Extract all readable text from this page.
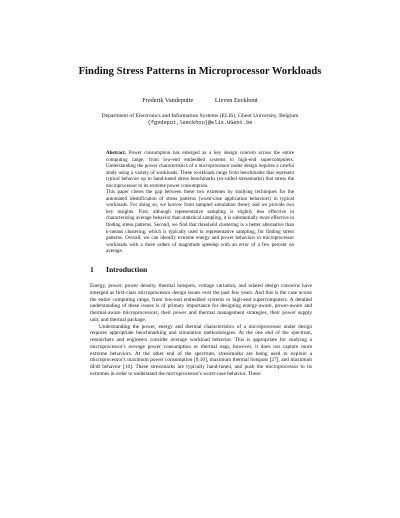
Finding Stress Patterns in Microprocessor Workloads
Frederik Vandeputte	Lieven Eeckhout
Department of Electronics and Information Systems (ELIS), Ghent University, Belgium
{fgvdeput,leeckhou}@elis.UGent.be

Abstract. Power consumption has emerged as a key design concern across the entire computing range, from low-end embedded systems to high-end supercomputers. Understanding the power characteristics of a microprocessor under design requires a careful study using a variety of workloads. These workloads range from benchmarks that represent typical behavior up to hand-tuned stress benchmarks (so-called stressmarks) that stress the microprocessor to its extreme power consumption.

This paper closes the gap between these two extremes by studying techniques for the automated identification of stress patterns (worst-case application behaviors) in typical workloads. For doing so, we borrow from sampled simulation theory and we provide two key insights. First, although representative sampling is slightly less effective in characterizing average behavior than statistical sampling, it is substantially more effective in finding stress patterns. Second, we find that threshold clustering is a better alternative than k-means clustering, which is typically used in representative sampling, for finding stress patterns. Overall, we can identify extreme energy and power behaviors in microprocessor workloads with a three orders of magnitude speedup with an error of a few percent on average.

1 Introduction

Energy, power, power density, thermal hotspots, voltage variation, and related design concerns have emerged as first-class microprocessor design issues over the past few years. And this is the case across the entire computing range, from low-end embedded systems to high-end supercomputers. A detailed understanding of these issues is of primary importance for designing energy-aware, power-aware and thermal-aware microprocessors, their power and thermal management strategies, their power supply unit, and thermal package.

Understanding the power, energy and thermal characteristics of a microprocessor under design requires appropriate benchmarking and simulation methodologies. At the one end of the spectrum, researchers and engineers consider average workload behavior. This is appropriate for studying a microprocessor's average power consumption or thermal map, however, it does not capture more extreme behaviors. At the other end of the spectrum, stressmarks are being used to explore a microprocessor's maximum power consumption [9,10], maximum thermal hotspots [27], and maximum dI/dt behavior [16]. These stressmarks are typically hand-tuned, and push the microprocessor to its extremes in order to understand the microprocessor's worst-case behavior. These
